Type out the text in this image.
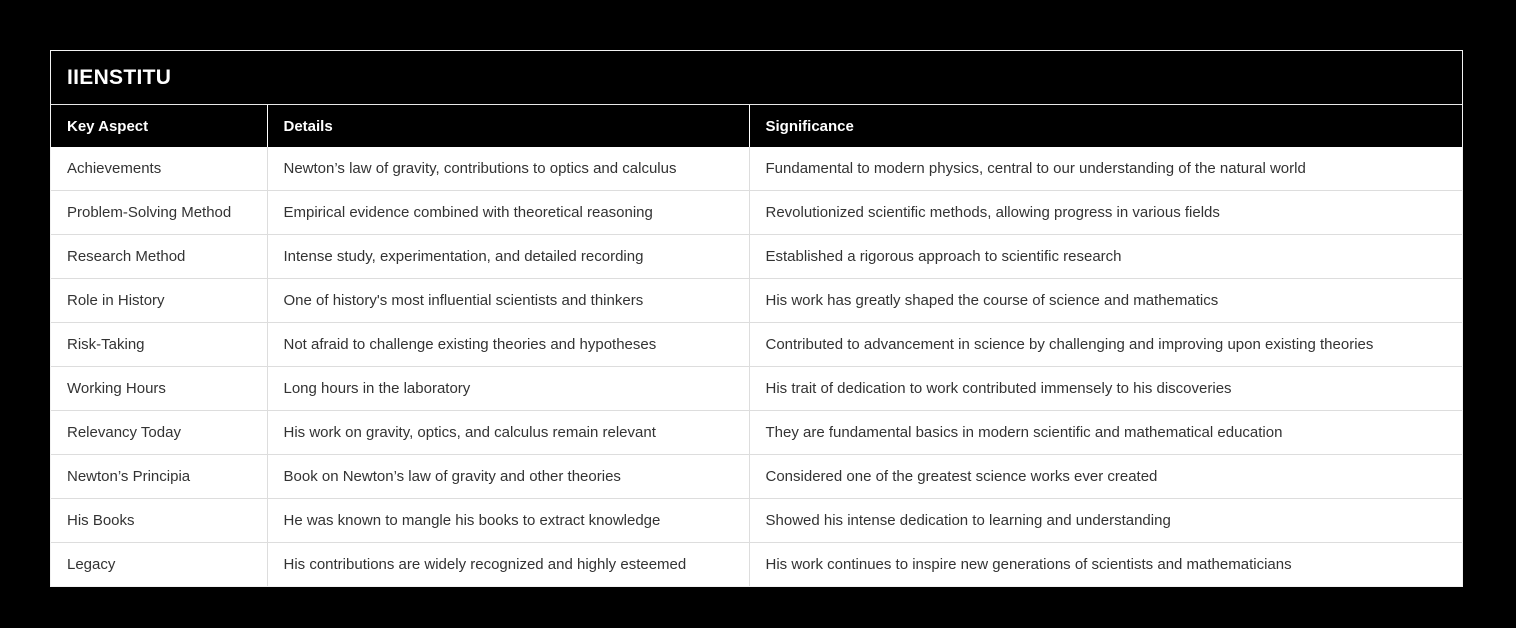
IIENSTITU
Key Aspect	Details	Significance
Achievements	Newton’s law of gravity, contributions to optics and calculus	Fundamental to modern physics, central to our understanding of the natural world
Problem-Solving Method	Empirical evidence combined with theoretical reasoning	Revolutionized scientific methods, allowing progress in various fields
Research Method	Intense study, experimentation, and detailed recording	Established a rigorous approach to scientific research
Role in History	One of history's most influential scientists and thinkers	His work has greatly shaped the course of science and mathematics
Risk-Taking	Not afraid to challenge existing theories and hypotheses	Contributed to advancement in science by challenging and improving upon existing theories
Working Hours	Long hours in the laboratory	His trait of dedication to work contributed immensely to his discoveries
Relevancy Today	His work on gravity, optics, and calculus remain relevant	They are fundamental basics in modern scientific and mathematical education
Newton’s Principia	Book on Newton’s law of gravity and other theories	Considered one of the greatest science works ever created
His Books	He was known to mangle his books to extract knowledge	Showed his intense dedication to learning and understanding
Legacy	His contributions are widely recognized and highly esteemed	His work continues to inspire new generations of scientists and mathematicians
